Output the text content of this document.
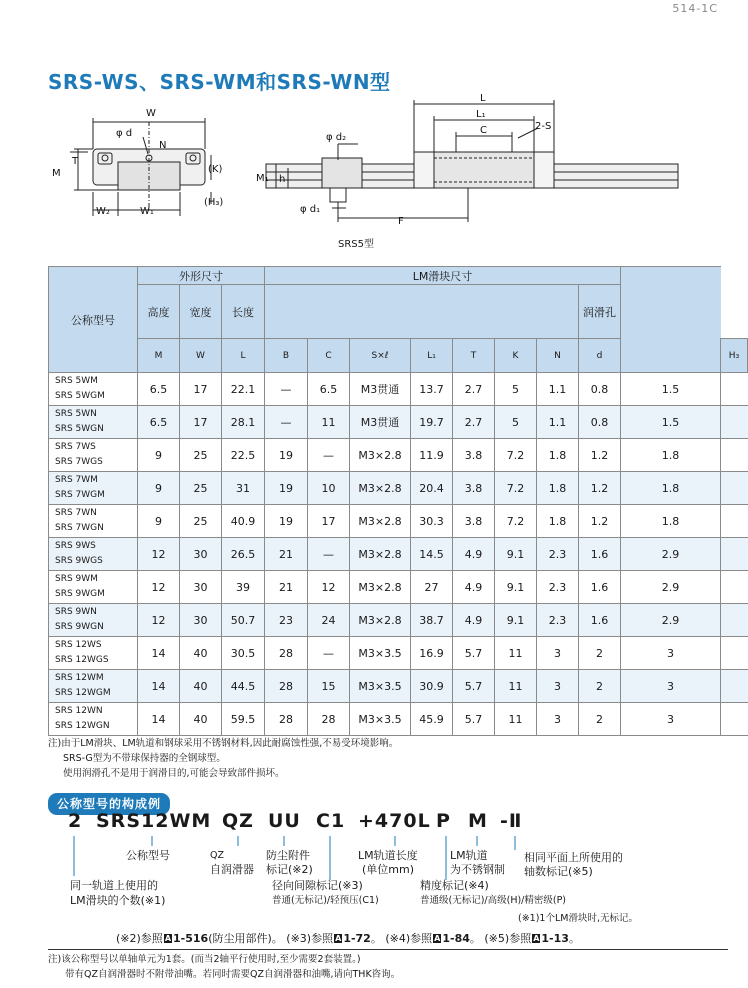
514-1C
SRS-WS、SRS-WM和SRS-WN型
W
φ d
N
T
M	(K)
(H₃)
W₂	W₁
L
L₁
C	2-S
φ d₂
M₁ h
φ d₁
F
SRS5型
公称型号	外形尺寸			LM滑块尺寸									
	高度	宽度	长度								润滑孔		
	M	W	L	B	C	S×ℓ	L₁	T	K	N	d		H₃

SRS 5WM
SRS 5WGM	6.5	17	22.1	—	6.5	M3贯通	13.7	2.7	5	1.1	0.8	1.5	

SRS 5WN
SRS 5WGN	6.5	17	28.1	—	11	M3贯通	19.7	2.7	5	1.1	0.8	1.5	

SRS 7WS
SRS 7WGS	9	25	22.5	19	—	M3×2.8	11.9	3.8	7.2	1.8	1.2	1.8	

SRS 7WM
SRS 7WGM	9	25	31	19	10	M3×2.8	20.4	3.8	7.2	1.8	1.2	1.8	

SRS 7WN
SRS 7WGN	9	25	40.9	19	17	M3×2.8	30.3	3.8	7.2	1.8	1.2	1.8	

SRS 9WS
SRS 9WGS	12	30	26.5	21	—	M3×2.8	14.5	4.9	9.1	2.3	1.6	2.9	

SRS 9WM
SRS 9WGM	12	30	39	21	12	M3×2.8	27	4.9	9.1	2.3	1.6	2.9	

SRS 9WN
SRS 9WGN	12	30	50.7	23	24	M3×2.8	38.7	4.9	9.1	2.3	1.6	2.9	

SRS 12WS
SRS 12WGS	14	40	30.5	28	—	M3×3.5	16.9	5.7	11	3	2	3	

SRS 12WM
SRS 12WGM	14	40	44.5	28	15	M3×3.5	30.9	5.7	11	3	2	3	

SRS 12WN
SRS 12WGN	14	40	59.5	28	28	M3×3.5	45.9	5.7	11	3	2	3	
注)由于LM滑块、LM轨道和钢球采用不锈钢材料,因此耐腐蚀性强,不易受环境影响。
SRS-G型为不带球保持器的全钢球型。
使用润滑孔不是用于润滑目的,可能会导致部件损坏。
公称型号的构成例
2 SRS12WM QZ UU C1 +470L P M -Ⅱ
公称型号	QZ
自润滑器
防尘附件
标记(※2)
LM轨道长度
(单位mm)
LM轨道
为不锈钢制
相同平面上所使用的
轴数标记(※5)
同一轨道上使用的
LM滑块的个数(※1)
径向间隙标记(※3)
普通(无标记)/轻预压(C1)
精度标记(※4)
普通级(无标记)/高级(H)/精密级(P)
(※1)1个LM滑块时,无标记。
(※2)参照 A 1-516(防尘用部件)。 (※3)参照 A 1-72。 (※4)参照 A 1-84。 (※5)参照 A 1-13。
注)该公称型号以单轴单元为1套。(而当2轴平行使用时,至少需要2套装置。)
带有QZ自润滑器时不附带油嘴。若同时需要QZ自润滑器和油嘴,请向THK咨询。
